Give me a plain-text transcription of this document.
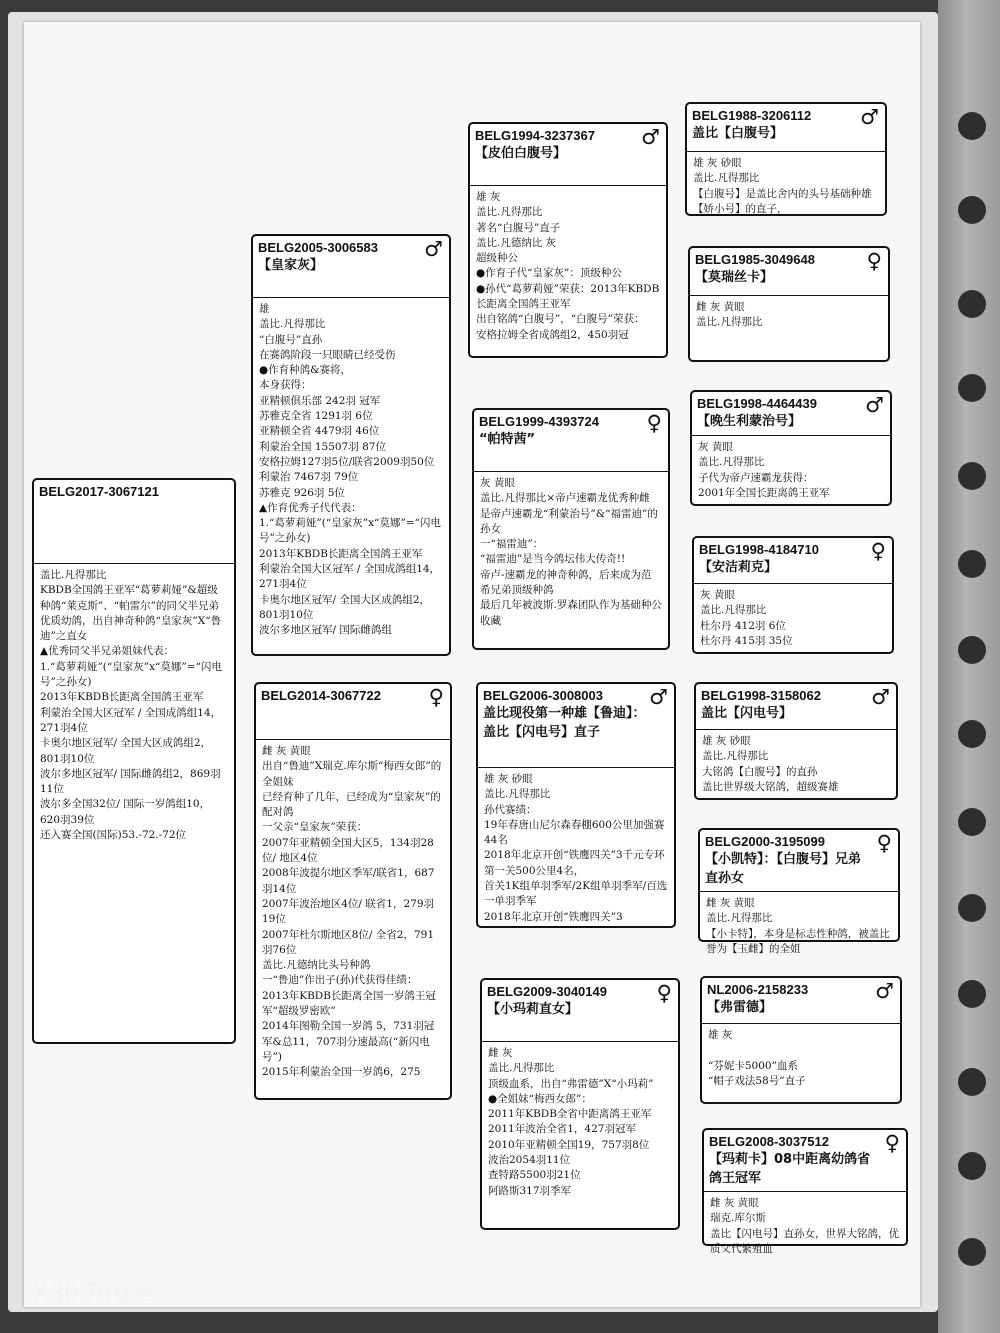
BELG2017-3067121
盖比.凡得那比
KBDB全国鸽王亚军“葛萝莉娅”&超级种鸽“莱克斯”、“帕雷尔”的同父半兄弟
优质幼鸽，出自神奇种鸽“皇家灰”X“鲁迪”之直女
▲优秀同父半兄弟姐妹代表：
1.“葛萝莉娅”(“皇家灰”x“莫娜”=“闪电号”之孙女)
2013年KBDB长距离全国鸽王亚军
利蒙治全国大区冠军 / 全国成鸽组14，271羽4位
卡奥尔地区冠军/ 全国大区成鸽组2，801羽10位
波尔多地区冠军/ 国际雌鸽组2，869羽11位
波尔多全国32位/ 国际一岁鸽组10，620羽39位
还入赛全国(国际)53.-72.-72位
BELG2005-3006583
【皇家灰】
♂
雄
盖比.凡得那比
“白腹号”直孙
在赛鸽阶段一只眼睛已经受伤
●作育种鸽&赛将，
本身获得：
亚精顿俱乐部 242羽 冠军
苏雅克全省 1291羽 6位
亚精顿全省 4479羽 46位
利蒙治全国 15507羽 87位
安格拉姆127羽5位/联省2009羽50位
利蒙治 7467羽 79位
苏雅克 926羽 5位
▲作育优秀子代代表：
1.“葛萝莉娅”(“皇家灰”x“莫娜”=“闪电号”之孙女)
2013年KBDB长距离全国鸽王亚军
利蒙治全国大区冠军 / 全国成鸽组14，271羽4位
卡奥尔地区冠军/ 全国大区成鸽组2，801羽10位
波尔多地区冠军/ 国际雌鸽组
BELG2014-3067722	♀
雌 灰 黄眼
出自“鲁迪”X瑞克.库尔斯“梅西女郎”的全姐妹
已经育种了几年，已经成为“皇家灰”的配对鸽
一父亲“皇家灰”荣获：
2007年亚精顿全国大区5，134羽28位/ 地区4位
2008年波提尔地区季军/联省1，687羽14位
2007年波治地区4位/ 联省1，279羽19位
2007年杜尔斯地区8位/ 全省2，791羽76位
盖比.凡德纳比头号种鸽
一“鲁迪”作出子(孙)代获得佳绩：
2013年KBDB长距离全国一岁鸽王冠军“超级罗密欧”
2014年图勒全国一岁鸽 5，731羽冠军&总11，707羽分速最高(“新闪电号”)
2015年利蒙治全国一岁鸽6，275
BELG1994-3237367
【皮伯白腹号】
♂
雄 灰
盖比.凡得那比
著名“白腹号”直子
盖比.凡德纳比 灰
超级种公
●作育子代“皇家灰”：顶级种公
●孙代“葛萝莉娅”荣获：2013年KBDB长距离全国鸽王亚军
出自铭鸽“白腹号”，“白腹号”荣获：
安格拉姆全省成鸽组2，450羽冠
BELG1999-4393724
“帕特茜”
♀
灰 黄眼
盖比.凡得那比×帝卢速霸龙优秀种雌
是帝卢速霸龙“利蒙治号”&“福雷迪”的孙女
一“福雷迪”：
“福雷迪”是当今鸽坛伟大传奇!!
帝卢-速霸龙的神奇种鸽，后来成为范希兄弟顶级种鸽
最后几年被波斯.罗森团队作为基础种公收藏
BELG2006-3008003
盖比现役第一种雄【鲁迪】：盖比【闪电号】直子
♂
雄 灰 砂眼
盖比.凡得那比
孙代赛绩：
19年春唐山尼尔森春棚600公里加强赛44名
2018年北京开创“铁鹰四关”3千元专环第一关500公里4名，
首关1K组单羽季军/2K组单羽季军/百选一单羽季军
2018年北京开创“铁鹰四关”3
BELG2009-3040149
【小玛莉直女】
♀
雌 灰
盖比.凡得那比
顶级血系，出自“弗雷德”X“小玛莉”
●全姐妹“梅西女郎”：
2011年KBDB全省中距离鸽王亚军
2011年波治全省1，427羽冠军
2010年亚精顿全国19，757羽8位
波治2054羽11位
查特路5500羽21位
阿路斯317羽季军
BELG1988-3206112
盖比【白腹号】
♂
雄 灰 砂眼
盖比.凡得那比
【白腹号】是盖比舍内的头号基础种雄【娇小号】的直子，
BELG1985-3049648
【莫瑞丝卡】
♀
雌 灰 黄眼
盖比.凡得那比
BELG1998-4464439
【晚生利蒙治号】
♂
灰 黄眼
盖比.凡得那比
子代为帝卢速霸龙获得：
2001年全国长距离鸽王亚军
BELG1998-4184710
【安洁莉克】
♀
灰 黄眼
盖比.凡得那比
杜尔丹 412羽 6位
杜尔丹 415羽 35位
BELG1998-3158062
盖比【闪电号】
♂
雄 灰 砂眼
盖比.凡得那比
大铭鸽【白腹号】的直孙
盖比世界级大铭鸽，超级赛雄
BELG2000-3195099
【小凯特】：【白腹号】兄弟直孙女
♀
雌 灰 黄眼
盖比.凡得那比
【小卡特】，本身是标志性种鸽，被盖比誉为【玉雌】的全姐
NL2006-2158233
【弗雷德】
♂
雄 灰

“芬妮卡5000”血系
“帽子戏法58号”直子
BELG2008-3037512
【玛莉卡】08中距离幼鸽省鸽王冠军
♀
雌 灰 黄眼
瑞克.库尔斯
盖比【闪电号】直孙女，世界大铭鸽，优质父代繁殖血
X30 Pro 5G
